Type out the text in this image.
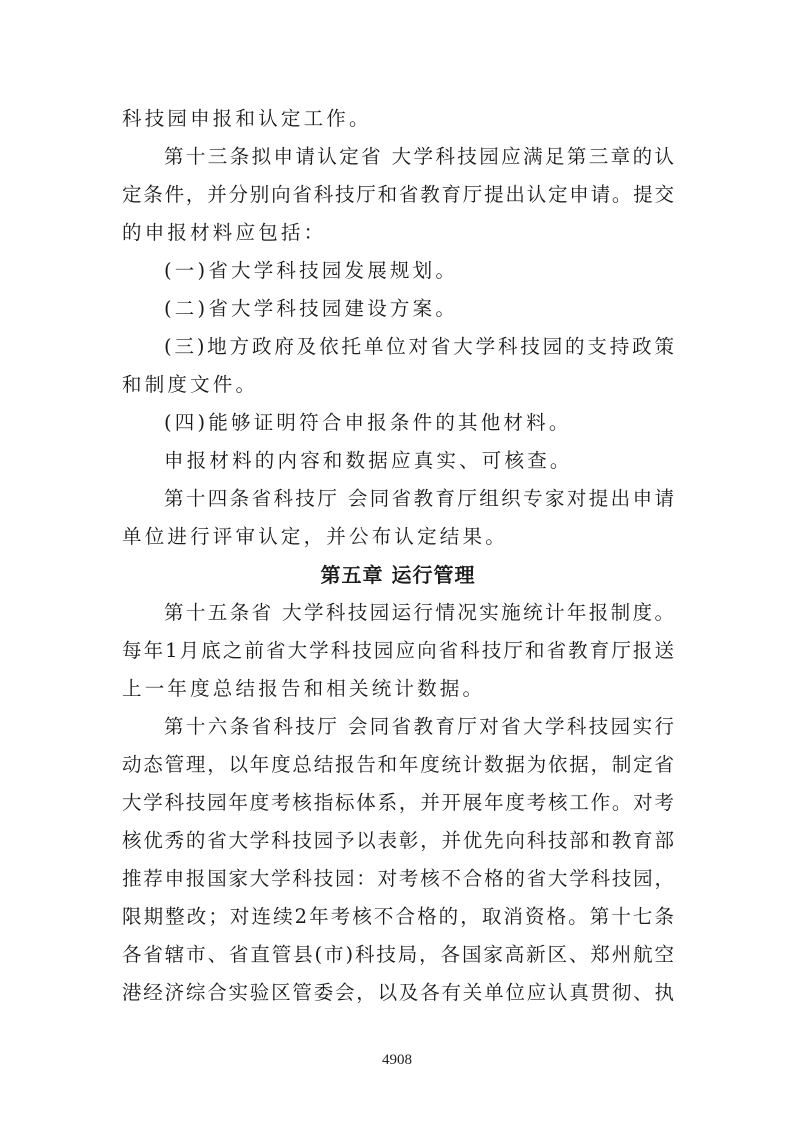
科技园申报和认定工作。
第十三条拟申请认定省 大学科技园应满足第三章的认
定条件，并分别向省科技厅和省教育厅提出认定申请。提交
的申报材料应包括：
(一)省大学科技园发展规划。
(二)省大学科技园建设方案。
(三)地方政府及依托单位对省大学科技园的支持政策
和制度文件。
(四)能够证明符合申报条件的其他材料。
申报材料的内容和数据应真实、可核查。
第十四条省科技厅 会同省教育厅组织专家对提出申请
单位进行评审认定，并公布认定结果。
第五章 运行管理
第十五条省 大学科技园运行情况实施统计年报制度。
每年1月底之前省大学科技园应向省科技厅和省教育厅报送
上一年度总结报告和相关统计数据。
第十六条省科技厅 会同省教育厅对省大学科技园实行
动态管理，以年度总结报告和年度统计数据为依据，制定省
大学科技园年度考核指标体系，并开展年度考核工作。对考
核优秀的省大学科技园予以表彰，并优先向科技部和教育部
推荐申报国家大学科技园：对考核不合格的省大学科技园，
限期整改；对连续2年考核不合格的，取消资格。第十七条
各省辖市、省直管县(市)科技局，各国家高新区、郑州航空
港经济综合实验区管委会，以及各有关单位应认真贯彻、执
4908
